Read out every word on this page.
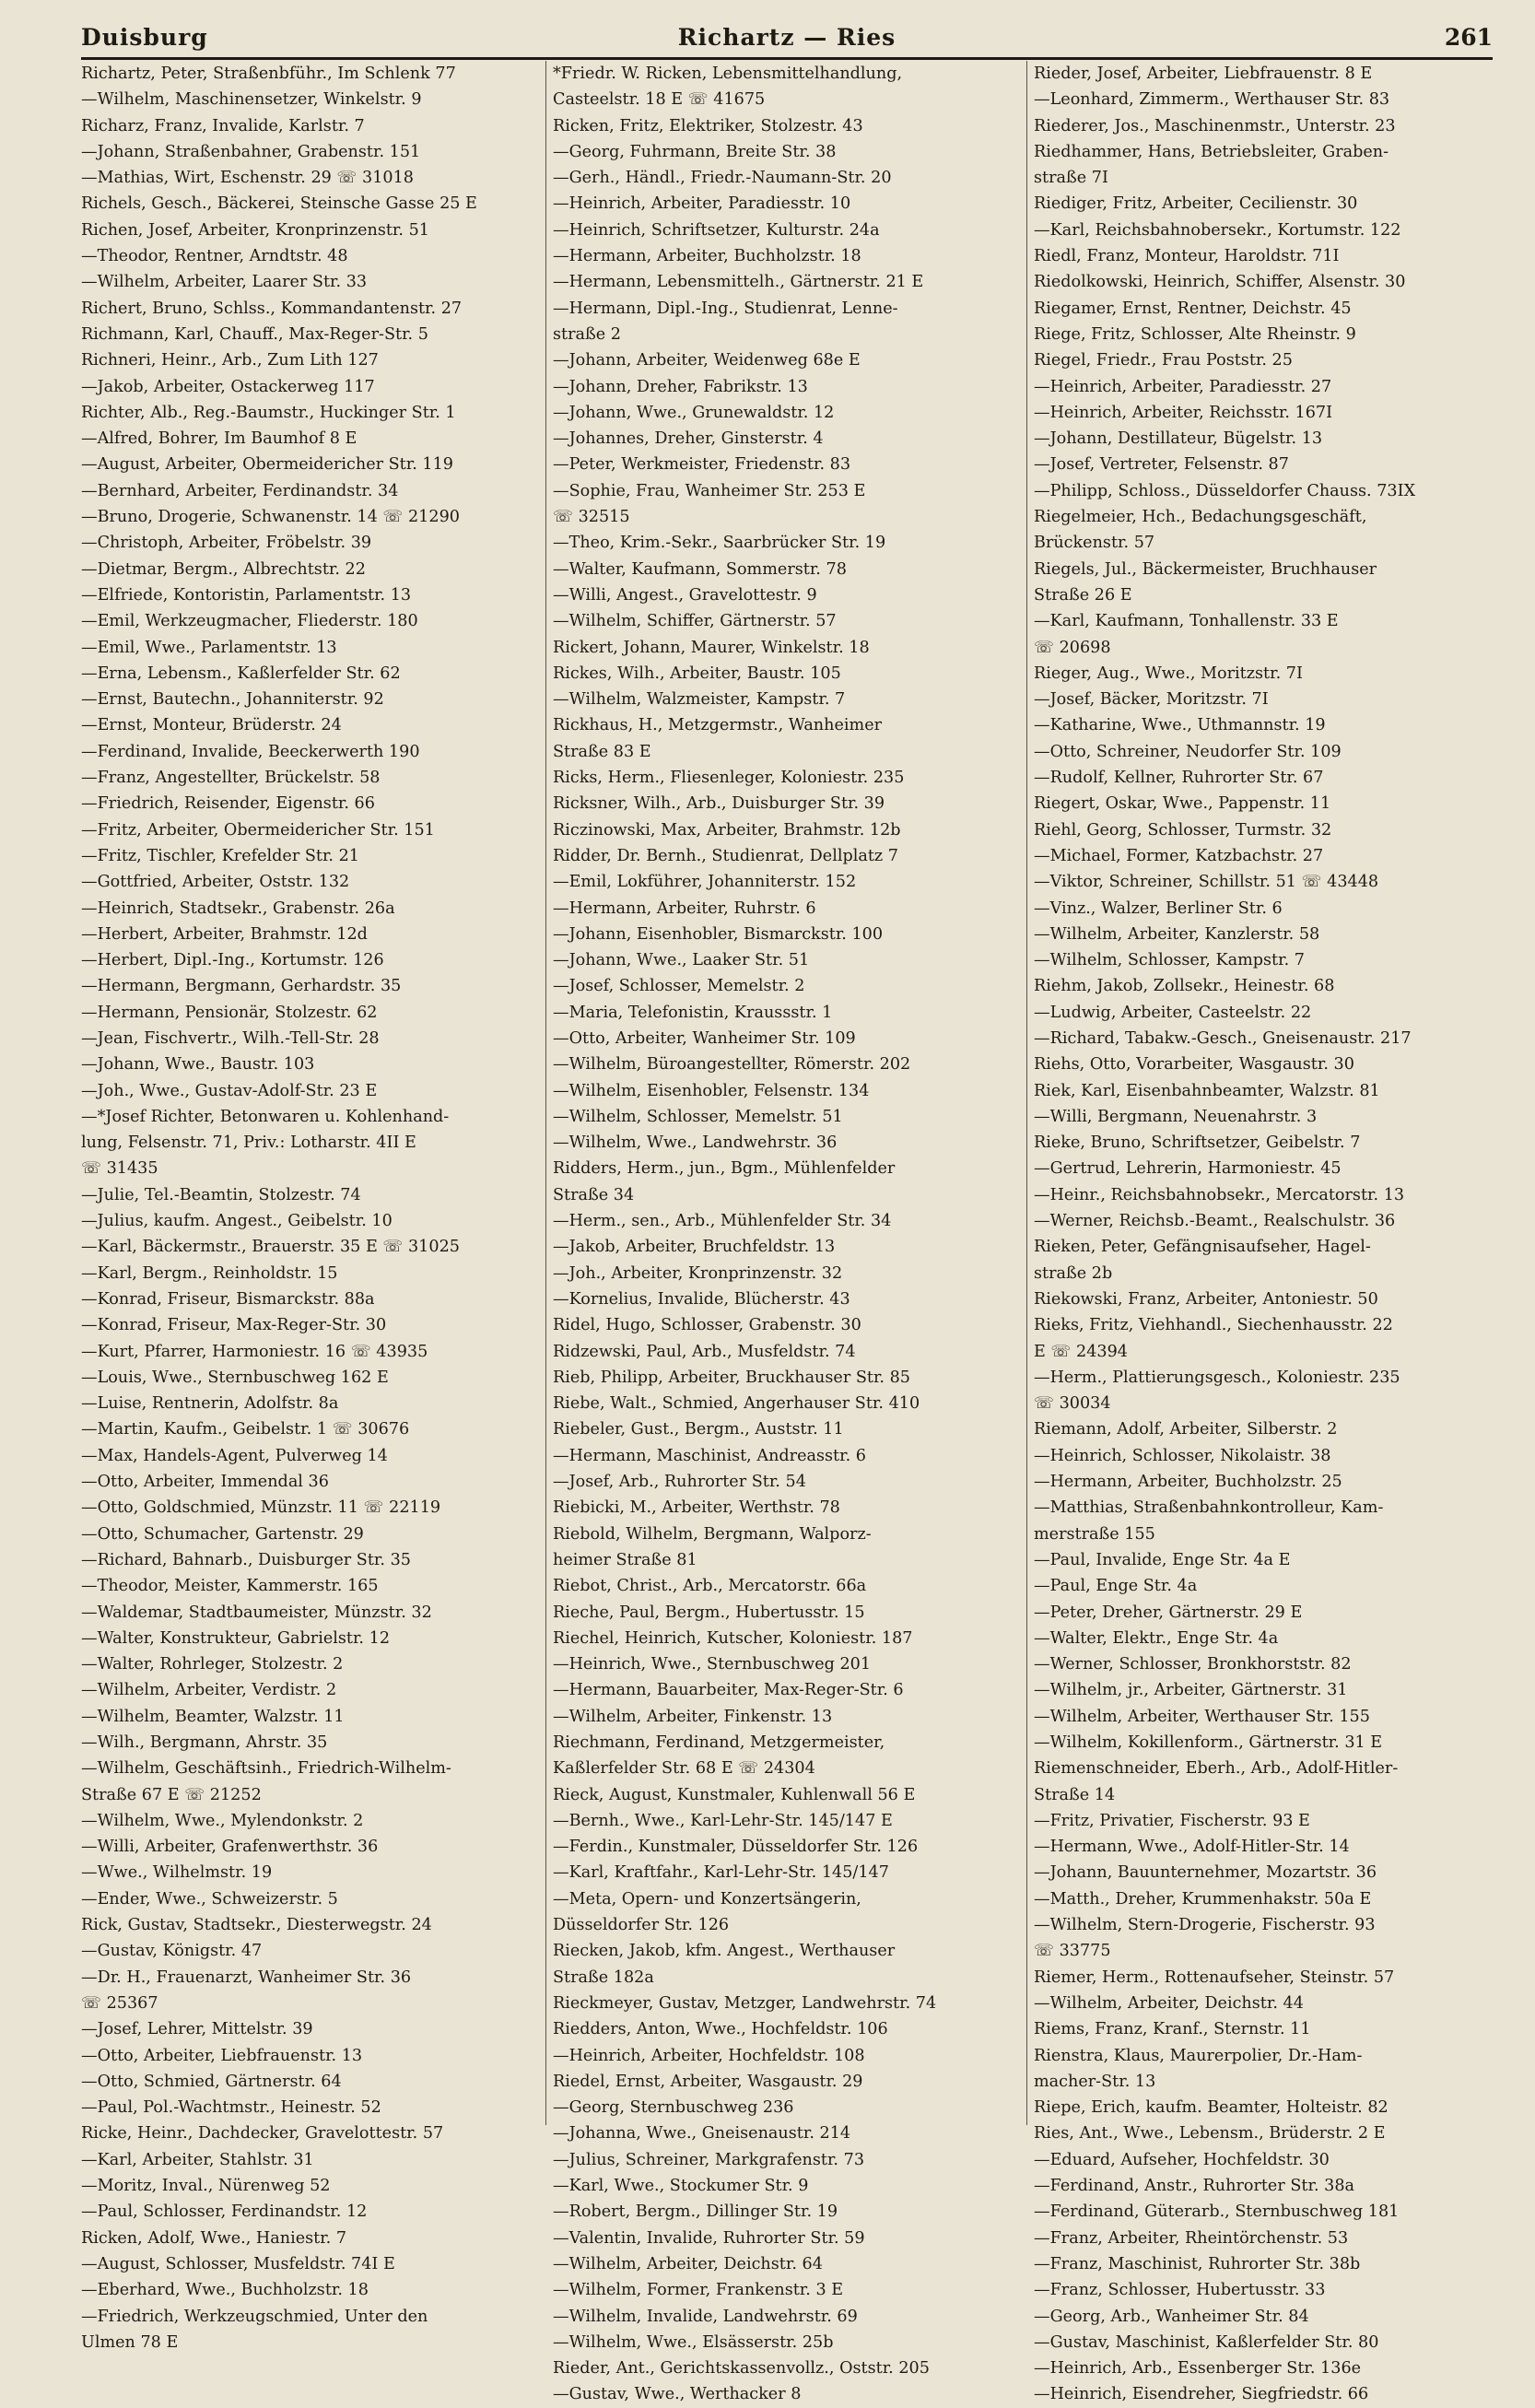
Duisburg	Richartz — Ries	261
Richartz, Peter, Straßenbführ., Im Schlenk 77
—Wilhelm, Maschinensetzer, Winkelstr. 9
Richarz, Franz, Invalide, Karlstr. 7
—Johann, Straßenbahner, Grabenstr. 151
—Mathias, Wirt, Eschenstr. 29 ☏ 31018
Richels, Gesch., Bäckerei, Steinsche Gasse 25 E
Richen, Josef, Arbeiter, Kronprinzenstr. 51
—Theodor, Rentner, Arndtstr. 48
—Wilhelm, Arbeiter, Laarer Str. 33
Richert, Bruno, Schlss., Kommandantenstr. 27
Richmann, Karl, Chauff., Max-Reger-Str. 5
Richneri, Heinr., Arb., Zum Lith 127
—Jakob, Arbeiter, Ostackerweg 117
Richter, Alb., Reg.-Baumstr., Huckinger Str. 1
—Alfred, Bohrer, Im Baumhof 8 E
—August, Arbeiter, Obermeidericher Str. 119
—Bernhard, Arbeiter, Ferdinandstr. 34
—Bruno, Drogerie, Schwanenstr. 14 ☏ 21290
—Christoph, Arbeiter, Fröbelstr. 39
—Dietmar, Bergm., Albrechtstr. 22
—Elfriede, Kontoristin, Parlamentstr. 13
—Emil, Werkzeugmacher, Fliederstr. 180
—Emil, Wwe., Parlamentstr. 13
—Erna, Lebensm., Kaßlerfelder Str. 62
—Ernst, Bautechn., Johanniterstr. 92
—Ernst, Monteur, Brüderstr. 24
—Ferdinand, Invalide, Beeckerwerth 190
—Franz, Angestellter, Brückelstr. 58
—Friedrich, Reisender, Eigenstr. 66
—Fritz, Arbeiter, Obermeidericher Str. 151
—Fritz, Tischler, Krefelder Str. 21
—Gottfried, Arbeiter, Oststr. 132
—Heinrich, Stadtsekr., Grabenstr. 26a
—Herbert, Arbeiter, Brahmstr. 12d
—Herbert, Dipl.-Ing., Kortumstr. 126
—Hermann, Bergmann, Gerhardstr. 35
—Hermann, Pensionär, Stolzestr. 62
—Jean, Fischvertr., Wilh.-Tell-Str. 28
—Johann, Wwe., Baustr. 103
—Joh., Wwe., Gustav-Adolf-Str. 23 E
—*Josef Richter, Betonwaren u. Kohlenhand-
lung, Felsenstr. 71, Priv.: Lotharstr. 4II E
☏ 31435
—Julie, Tel.-Beamtin, Stolzestr. 74
—Julius, kaufm. Angest., Geibelstr. 10
—Karl, Bäckermstr., Brauerstr. 35 E ☏ 31025
—Karl, Bergm., Reinholdstr. 15
—Konrad, Friseur, Bismarckstr. 88a
—Konrad, Friseur, Max-Reger-Str. 30
—Kurt, Pfarrer, Harmoniestr. 16 ☏ 43935
—Louis, Wwe., Sternbuschweg 162 E
—Luise, Rentnerin, Adolfstr. 8a
—Martin, Kaufm., Geibelstr. 1 ☏ 30676
—Max, Handels-Agent, Pulverweg 14
—Otto, Arbeiter, Immendal 36
—Otto, Goldschmied, Münzstr. 11 ☏ 22119
—Otto, Schumacher, Gartenstr. 29
—Richard, Bahnarb., Duisburger Str. 35
—Theodor, Meister, Kammerstr. 165
—Waldemar, Stadtbaumeister, Münzstr. 32
—Walter, Konstrukteur, Gabrielstr. 12
—Walter, Rohrleger, Stolzestr. 2
—Wilhelm, Arbeiter, Verdistr. 2
—Wilhelm, Beamter, Walzstr. 11
—Wilh., Bergmann, Ahrstr. 35
—Wilhelm, Geschäftsinh., Friedrich-Wilhelm-
Straße 67 E ☏ 21252
—Wilhelm, Wwe., Mylendonkstr. 2
—Willi, Arbeiter, Grafenwerthstr. 36
—Wwe., Wilhelmstr. 19
—Ender, Wwe., Schweizerstr. 5
Rick, Gustav, Stadtsekr., Diesterwegstr. 24
—Gustav, Königstr. 47
—Dr. H., Frauenarzt, Wanheimer Str. 36
☏ 25367
—Josef, Lehrer, Mittelstr. 39
—Otto, Arbeiter, Liebfrauenstr. 13
—Otto, Schmied, Gärtnerstr. 64
—Paul, Pol.-Wachtmstr., Heinestr. 52
Ricke, Heinr., Dachdecker, Gravelottestr. 57
—Karl, Arbeiter, Stahlstr. 31
—Moritz, Inval., Nürenweg 52
—Paul, Schlosser, Ferdinandstr. 12
Ricken, Adolf, Wwe., Haniestr. 7
—August, Schlosser, Musfeldstr. 74I E
—Eberhard, Wwe., Buchholzstr. 18
—Friedrich, Werkzeugschmied, Unter den
Ulmen 78 E
*Friedr. W. Ricken, Lebensmittelhandlung,
Casteelstr. 18 E ☏ 41675
Ricken, Fritz, Elektriker, Stolzestr. 43
—Georg, Fuhrmann, Breite Str. 38
—Gerh., Händl., Friedr.-Naumann-Str. 20
—Heinrich, Arbeiter, Paradiesstr. 10
—Heinrich, Schriftsetzer, Kulturstr. 24a
—Hermann, Arbeiter, Buchholzstr. 18
—Hermann, Lebensmittelh., Gärtnerstr. 21 E
—Hermann, Dipl.-Ing., Studienrat, Lenne-
straße 2
—Johann, Arbeiter, Weidenweg 68e E
—Johann, Dreher, Fabrikstr. 13
—Johann, Wwe., Grunewaldstr. 12
—Johannes, Dreher, Ginsterstr. 4
—Peter, Werkmeister, Friedenstr. 83
—Sophie, Frau, Wanheimer Str. 253 E
☏ 32515
—Theo, Krim.-Sekr., Saarbrücker Str. 19
—Walter, Kaufmann, Sommerstr. 78
—Willi, Angest., Gravelottestr. 9
—Wilhelm, Schiffer, Gärtnerstr. 57
Rickert, Johann, Maurer, Winkelstr. 18
Rickes, Wilh., Arbeiter, Baustr. 105
—Wilhelm, Walzmeister, Kampstr. 7
Rickhaus, H., Metzgermstr., Wanheimer
Straße 83 E
Ricks, Herm., Fliesenleger, Koloniestr. 235
Ricksner, Wilh., Arb., Duisburger Str. 39
Riczinowski, Max, Arbeiter, Brahmstr. 12b
Ridder, Dr. Bernh., Studienrat, Dellplatz 7
—Emil, Lokführer, Johanniterstr. 152
—Hermann, Arbeiter, Ruhrstr. 6
—Johann, Eisenhobler, Bismarckstr. 100
—Johann, Wwe., Laaker Str. 51
—Josef, Schlosser, Memelstr. 2
—Maria, Telefonistin, Kraussstr. 1
—Otto, Arbeiter, Wanheimer Str. 109
—Wilhelm, Büroangestellter, Römerstr. 202
—Wilhelm, Eisenhobler, Felsenstr. 134
—Wilhelm, Schlosser, Memelstr. 51
—Wilhelm, Wwe., Landwehrstr. 36
Ridders, Herm., jun., Bgm., Mühlenfelder
Straße 34
—Herm., sen., Arb., Mühlenfelder Str. 34
—Jakob, Arbeiter, Bruchfeldstr. 13
—Joh., Arbeiter, Kronprinzenstr. 32
—Kornelius, Invalide, Blücherstr. 43
Ridel, Hugo, Schlosser, Grabenstr. 30
Ridzewski, Paul, Arb., Musfeldstr. 74
Rieb, Philipp, Arbeiter, Bruckhauser Str. 85
Riebe, Walt., Schmied, Angerhauser Str. 410
Riebeler, Gust., Bergm., Auststr. 11
—Hermann, Maschinist, Andreasstr. 6
—Josef, Arb., Ruhrorter Str. 54
Riebicki, M., Arbeiter, Werthstr. 78
Riebold, Wilhelm, Bergmann, Walporz-
heimer Straße 81
Riebot, Christ., Arb., Mercatorstr. 66a
Rieche, Paul, Bergm., Hubertusstr. 15
Riechel, Heinrich, Kutscher, Koloniestr. 187
—Heinrich, Wwe., Sternbuschweg 201
—Hermann, Bauarbeiter, Max-Reger-Str. 6
—Wilhelm, Arbeiter, Finkenstr. 13
Riechmann, Ferdinand, Metzgermeister,
Kaßlerfelder Str. 68 E ☏ 24304
Rieck, August, Kunstmaler, Kuhlenwall 56 E
—Bernh., Wwe., Karl-Lehr-Str. 145/147 E
—Ferdin., Kunstmaler, Düsseldorfer Str. 126
—Karl, Kraftfahr., Karl-Lehr-Str. 145/147
—Meta, Opern- und Konzertsängerin,
Düsseldorfer Str. 126
Riecken, Jakob, kfm. Angest., Werthauser
Straße 182a
Rieckmeyer, Gustav, Metzger, Landwehrstr. 74
Riedders, Anton, Wwe., Hochfeldstr. 106
—Heinrich, Arbeiter, Hochfeldstr. 108
Riedel, Ernst, Arbeiter, Wasgaustr. 29
—Georg, Sternbuschweg 236
—Johanna, Wwe., Gneisenaustr. 214
—Julius, Schreiner, Markgrafenstr. 73
—Karl, Wwe., Stockumer Str. 9
—Robert, Bergm., Dillinger Str. 19
—Valentin, Invalide, Ruhrorter Str. 59
—Wilhelm, Arbeiter, Deichstr. 64
—Wilhelm, Former, Frankenstr. 3 E
—Wilhelm, Invalide, Landwehrstr. 69
—Wilhelm, Wwe., Elsässerstr. 25b
Rieder, Ant., Gerichtskassenvollz., Oststr. 205
—Gustav, Wwe., Werthacker 8
Rieder, Josef, Arbeiter, Liebfrauenstr. 8 E
—Leonhard, Zimmerm., Werthauser Str. 83
Riederer, Jos., Maschinenmstr., Unterstr. 23
Riedhammer, Hans, Betriebsleiter, Graben-
straße 7I
Riediger, Fritz, Arbeiter, Cecilienstr. 30
—Karl, Reichsbahnobersekr., Kortumstr. 122
Riedl, Franz, Monteur, Haroldstr. 71I
Riedolkowski, Heinrich, Schiffer, Alsenstr. 30
Riegamer, Ernst, Rentner, Deichstr. 45
Riege, Fritz, Schlosser, Alte Rheinstr. 9
Riegel, Friedr., Frau Poststr. 25
—Heinrich, Arbeiter, Paradiesstr. 27
—Heinrich, Arbeiter, Reichsstr. 167I
—Johann, Destillateur, Bügelstr. 13
—Josef, Vertreter, Felsenstr. 87
—Philipp, Schloss., Düsseldorfer Chauss. 73IX
Riegelmeier, Hch., Bedachungsgeschäft,
Brückenstr. 57
Riegels, Jul., Bäckermeister, Bruchhauser
Straße 26 E
—Karl, Kaufmann, Tonhallenstr. 33 E
☏ 20698
Rieger, Aug., Wwe., Moritzstr. 7I
—Josef, Bäcker, Moritzstr. 7I
—Katharine, Wwe., Uthmannstr. 19
—Otto, Schreiner, Neudorfer Str. 109
—Rudolf, Kellner, Ruhrorter Str. 67
Riegert, Oskar, Wwe., Pappenstr. 11
Riehl, Georg, Schlosser, Turmstr. 32
—Michael, Former, Katzbachstr. 27
—Viktor, Schreiner, Schillstr. 51 ☏ 43448
—Vinz., Walzer, Berliner Str. 6
—Wilhelm, Arbeiter, Kanzlerstr. 58
—Wilhelm, Schlosser, Kampstr. 7
Riehm, Jakob, Zollsekr., Heinestr. 68
—Ludwig, Arbeiter, Casteelstr. 22
—Richard, Tabakw.-Gesch., Gneisenaustr. 217
Riehs, Otto, Vorarbeiter, Wasgaustr. 30
Riek, Karl, Eisenbahnbeamter, Walzstr. 81
—Willi, Bergmann, Neuenahrstr. 3
Rieke, Bruno, Schriftsetzer, Geibelstr. 7
—Gertrud, Lehrerin, Harmoniestr. 45
—Heinr., Reichsbahnobsekr., Mercatorstr. 13
—Werner, Reichsb.-Beamt., Realschulstr. 36
Rieken, Peter, Gefängnisaufseher, Hagel-
straße 2b
Riekowski, Franz, Arbeiter, Antoniestr. 50
Rieks, Fritz, Viehhandl., Siechenhausstr. 22
E ☏ 24394
—Herm., Plattierungsgesch., Koloniestr. 235
☏ 30034
Riemann, Adolf, Arbeiter, Silberstr. 2
—Heinrich, Schlosser, Nikolaistr. 38
—Hermann, Arbeiter, Buchholzstr. 25
—Matthias, Straßenbahnkontrolleur, Kam-
merstraße 155
—Paul, Invalide, Enge Str. 4a E
—Paul, Enge Str. 4a
—Peter, Dreher, Gärtnerstr. 29 E
—Walter, Elektr., Enge Str. 4a
—Werner, Schlosser, Bronkhorststr. 82
—Wilhelm, jr., Arbeiter, Gärtnerstr. 31
—Wilhelm, Arbeiter, Werthauser Str. 155
—Wilhelm, Kokillenform., Gärtnerstr. 31 E
Riemenschneider, Eberh., Arb., Adolf-Hitler-
Straße 14
—Fritz, Privatier, Fischerstr. 93 E
—Hermann, Wwe., Adolf-Hitler-Str. 14
—Johann, Bauunternehmer, Mozartstr. 36
—Matth., Dreher, Krummenhakstr. 50a E
—Wilhelm, Stern-Drogerie, Fischerstr. 93
☏ 33775
Riemer, Herm., Rottenaufseher, Steinstr. 57
—Wilhelm, Arbeiter, Deichstr. 44
Riems, Franz, Kranf., Sternstr. 11
Rienstra, Klaus, Maurerpolier, Dr.-Ham-
macher-Str. 13
Riepe, Erich, kaufm. Beamter, Holteistr. 82
Ries, Ant., Wwe., Lebensm., Brüderstr. 2 E
—Eduard, Aufseher, Hochfeldstr. 30
—Ferdinand, Anstr., Ruhrorter Str. 38a
—Ferdinand, Güterarb., Sternbuschweg 181
—Franz, Arbeiter, Rheintörchenstr. 53
—Franz, Maschinist, Ruhrorter Str. 38b
—Franz, Schlosser, Hubertusstr. 33
—Georg, Arb., Wanheimer Str. 84
—Gustav, Maschinist, Kaßlerfelder Str. 80
—Heinrich, Arb., Essenberger Str. 136e
—Heinrich, Eisendreher, Siegfriedstr. 66
